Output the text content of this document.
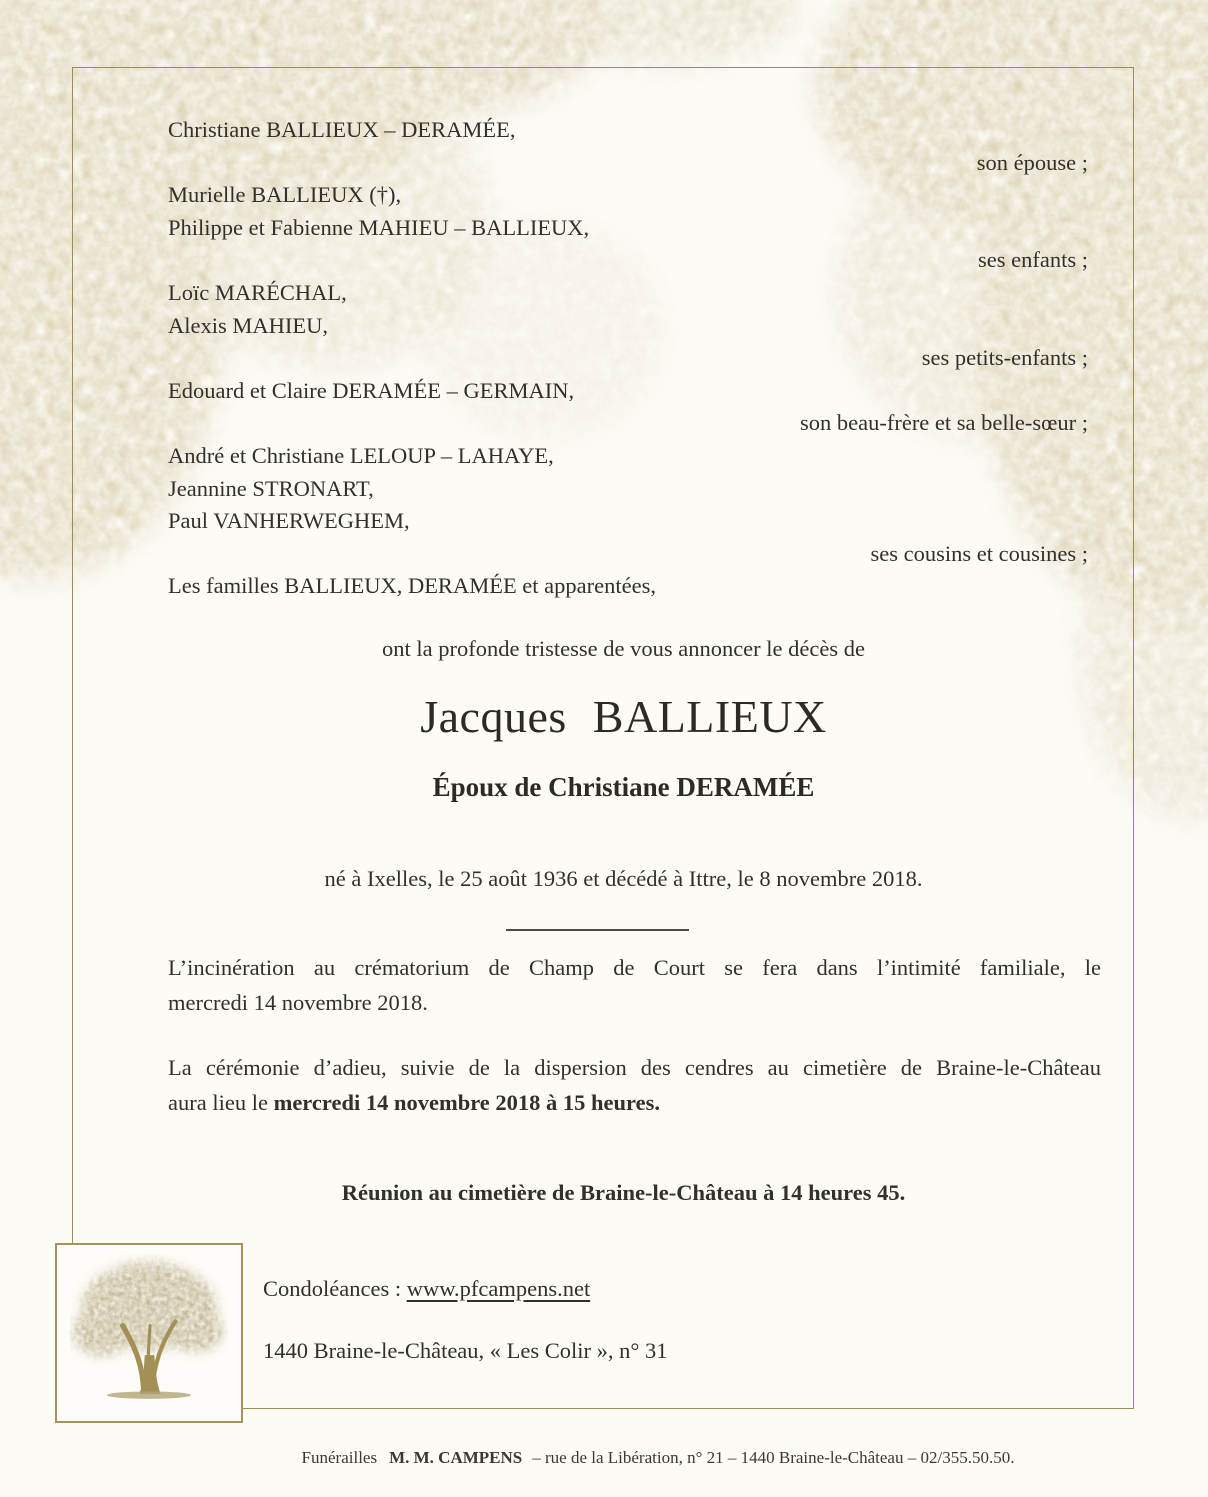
Christiane BALLIEUX – DERAMÉE,
son épouse ;
Murielle BALLIEUX (†),
Philippe et Fabienne MAHIEU – BALLIEUX,
ses enfants ;
Loïc MARÉCHAL,
Alexis MAHIEU,
ses petits-enfants ;
Edouard et Claire DERAMÉE – GERMAIN,
son beau-frère et sa belle-sœur ;
André et Christiane LELOUP – LAHAYE,
Jeannine STRONART,
Paul VANHERWEGHEM,
ses cousins et cousines ;
Les familles BALLIEUX, DERAMÉE et apparentées,
ont la profonde tristesse de vous annoncer le décès de
Jacques BALLIEUX
Époux de Christiane DERAMÉE
né à Ixelles, le 25 août 1936 et décédé à Ittre, le 8 novembre 2018.
L’incinération au crématorium de Champ de Court se fera dans l’intimité familiale, le
mercredi 14 novembre 2018.
La cérémonie d’adieu, suivie de la dispersion des cendres au cimetière de Braine-le-Château
aura lieu le mercredi 14 novembre 2018 à 15 heures.
Réunion au cimetière de Braine-le-Château à 14 heures 45.
Condoléances : www.pfcampens.net
1440 Braine-le-Château, « Les Colir », n° 31
Funérailles M. M. CAMPENS – rue de la Libération, n° 21 – 1440 Braine-le-Château – 02/355.50.50.
